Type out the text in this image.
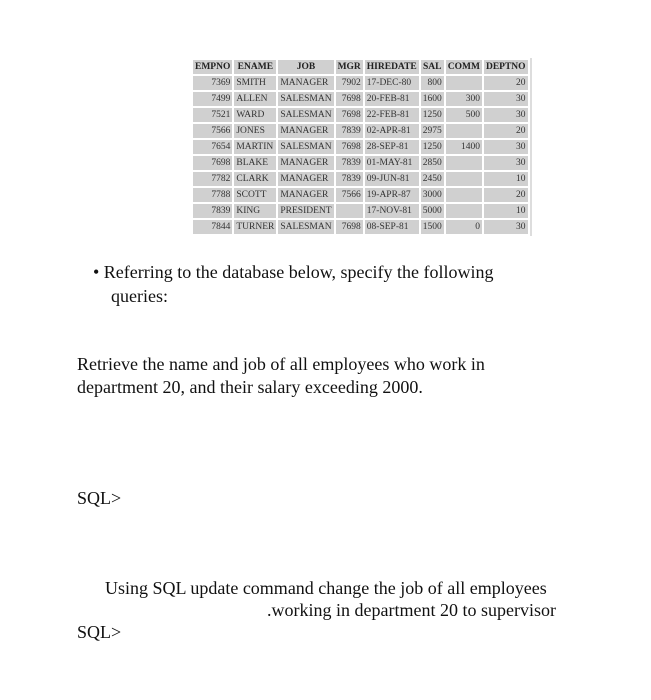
EMPNO	ENAME	JOB	MGR	HIREDATE	SAL	COMM	DEPTNO
7369	SMITH	MANAGER	7902	17-DEC-80	800		20
7499	ALLEN	SALESMAN	7698	20-FEB-81	1600	300	30
7521	WARD	SALESMAN	7698	22-FEB-81	1250	500	30
7566	JONES	MANAGER	7839	02-APR-81	2975		20
7654	MARTIN	SALESMAN	7698	28-SEP-81	1250	1400	30
7698	BLAKE	MANAGER	7839	01-MAY-81	2850		30
7782	CLARK	MANAGER	7839	09-JUN-81	2450		10
7788	SCOTT	MANAGER	7566	19-APR-87	3000		20
7839	KING	PRESIDENT		17-NOV-81	5000		10
7844	TURNER	SALESMAN	7698	08-SEP-81	1500	0	30

• Referring to the database below, specify the following

queries:

Retrieve the name and job of all employees who work in

department 20, and their salary exceeding 2000.

SQL>

Using SQL update command change the job of all employees

.working in department 20 to supervisor

SQL>
